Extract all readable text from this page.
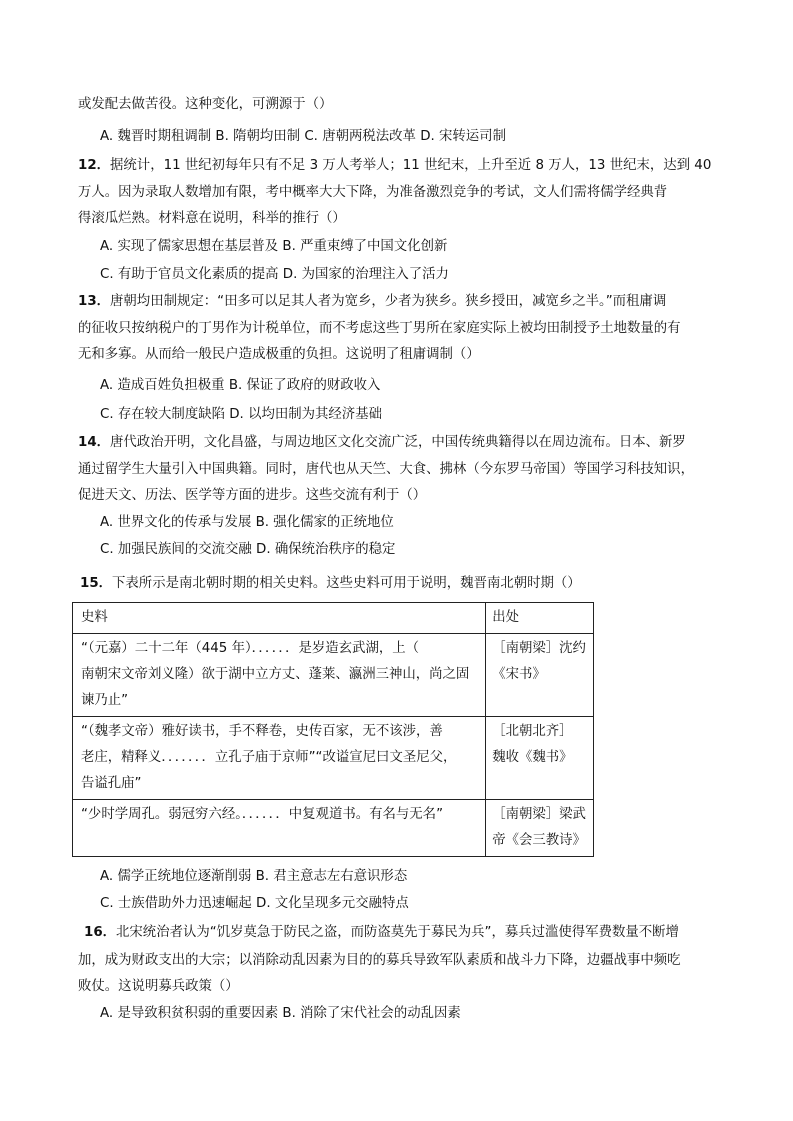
或发配去做苦役。这种变化，可溯源于（）
A. 魏晋时期租调制 B. 隋朝均田制 C. 唐朝两税法改革 D. 宋转运司制
12．据统计，11 世纪初每年只有不足 3 万人考举人；11 世纪末，上升至近 8 万人，13 世纪末，达到 40
万人。因为录取人数增加有限，考中概率大大下降，为准备激烈竞争的考试，文人们需将儒学经典背
得滚瓜烂熟。材料意在说明，科举的推行（）
A. 实现了儒家思想在基层普及 B. 严重束缚了中国文化创新
C. 有助于官员文化素质的提高 D. 为国家的治理注入了活力
13．唐朝均田制规定：“田多可以足其人者为宽乡，少者为狭乡。狭乡授田，减宽乡之半。”而租庸调
的征收只按纳税户的丁男作为计税单位，而不考虑这些丁男所在家庭实际上被均田制授予土地数量的有
无和多寡。从而给一般民户造成极重的负担。这说明了租庸调制（）
A. 造成百姓负担极重 B. 保证了政府的财政收入
C. 存在较大制度缺陷 D. 以均田制为其经济基础
14．唐代政治开明，文化昌盛，与周边地区文化交流广泛，中国传统典籍得以在周边流布。日本、新罗
通过留学生大量引入中国典籍。同时，唐代也从天竺、大食、拂林（今东罗马帝国）等国学习科技知识，
促进天文、历法、医学等方面的进步。这些交流有利于（）
A. 世界文化的传承与发展 B. 强化儒家的正统地位
C. 加强民族间的交流交融 D. 确保统治秩序的稳定
15．下表所示是南北朝时期的相关史料。这些史料可用于说明，魏晋南北朝时期（）
史料	出处

“（元嘉）二十二年（445 年）．．．．．．是岁造玄武湖，上（
南朝宋文帝刘义隆）欲于湖中立方丈、蓬莱、瀛洲三神山，尚之固
谏乃止”	［南朝梁］沈约
《宋书》

“（魏孝文帝）雅好读书，手不释卷，史传百家，无不该涉，善
老庄，精释义．．．．．．．立孔子庙于京师”“改谥宣尼曰文圣尼父，
告谥孔庙”	［北朝北齐］
魏收《魏书》

“少时学周孔。弱冠穷六经。．．．．．．中复观道书。有名与无名”	［南朝梁］梁武
帝《会三教诗》
A. 儒学正统地位逐渐削弱 B. 君主意志左右意识形态
C. 士族借助外力迅速崛起 D. 文化呈现多元交融特点
16．北宋统治者认为“饥岁莫急于防民之盗，而防盗莫先于募民为兵”，募兵过滥使得军费数量不断增
加，成为财政支出的大宗；以消除动乱因素为目的的募兵导致军队素质和战斗力下降，边疆战事中频吃
败仗。这说明募兵政策（）
A. 是导致积贫积弱的重要因素 B. 消除了宋代社会的动乱因素
